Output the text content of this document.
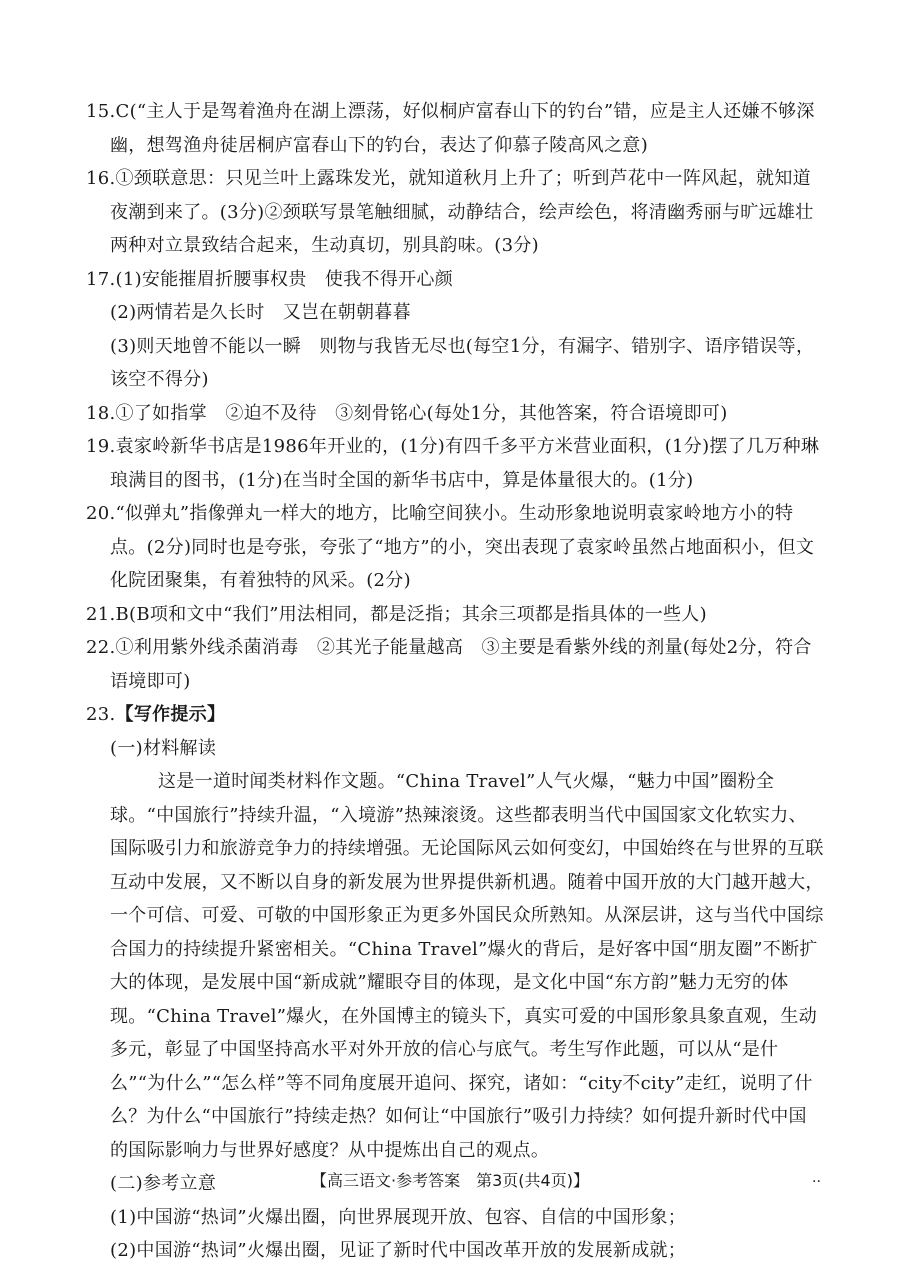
15.C(“主人于是驾着渔舟在湖上漂荡，好似桐庐富春山下的钓台”错，应是主人还嫌不够深幽，想驾渔舟徒居桐庐富春山下的钓台，表达了仰慕子陵高风之意)

16.①颈联意思：只见兰叶上露珠发光，就知道秋月上升了；听到芦花中一阵风起，就知道夜潮到来了。(3分)②颈联写景笔触细腻，动静结合，绘声绘色，将清幽秀丽与旷远雄壮两种对立景致结合起来，生动真切，别具韵味。(3分)

17.(1)安能摧眉折腰事权贵　使我不得开心颜

(2)两情若是久长时　又岂在朝朝暮暮

(3)则天地曾不能以一瞬　则物与我皆无尽也(每空1分，有漏字、错别字、语序错误等，该空不得分)

18.①了如指掌　②迫不及待　③刻骨铭心(每处1分，其他答案，符合语境即可)

19.袁家岭新华书店是1986年开业的，(1分)有四千多平方米营业面积，(1分)摆了几万种琳琅满目的图书，(1分)在当时全国的新华书店中，算是体量很大的。(1分)

20.“似弹丸”指像弹丸一样大的地方，比喻空间狭小。生动形象地说明袁家岭地方小的特点。(2分)同时也是夸张，夸张了“地方”的小，突出表现了袁家岭虽然占地面积小，但文化院团聚集，有着独特的风采。(2分)

21.B(B项和文中“我们”用法相同，都是泛指；其余三项都是指具体的一些人)

22.①利用紫外线杀菌消毒　②其光子能量越高　③主要是看紫外线的剂量(每处2分，符合语境即可)

23.【写作提示】

(一)材料解读

这是一道时闻类材料作文题。“China Travel”人气火爆，“魅力中国”圈粉全球。“中国旅行”持续升温，“入境游”热辣滚烫。这些都表明当代中国国家文化软实力、国际吸引力和旅游竞争力的持续增强。无论国际风云如何变幻，中国始终在与世界的互联互动中发展，又不断以自身的新发展为世界提供新机遇。随着中国开放的大门越开越大，一个可信、可爱、可敬的中国形象正为更多外国民众所熟知。从深层讲，这与当代中国综合国力的持续提升紧密相关。“China Travel”爆火的背后，是好客中国“朋友圈”不断扩大的体现，是发展中国“新成就”耀眼夺目的体现，是文化中国“东方韵”魅力无穷的体现。“China Travel”爆火，在外国博主的镜头下，真实可爱的中国形象具象直观，生动多元，彰显了中国坚持高水平对外开放的信心与底气。考生写作此题，可以从“是什么”“为什么”“怎么样”等不同角度展开追问、探究，诸如：“city不city”走红，说明了什么？为什么“中国旅行”持续走热？如何让“中国旅行”吸引力持续？如何提升新时代中国的国际影响力与世界好感度？从中提炼出自己的观点。

(二)参考立意

(1)中国游“热词”火爆出圈，向世界展现开放、包容、自信的中国形象；

(2)中国游“热词”火爆出圈，见证了新时代中国改革开放的发展新成就；

【高三语文·参考答案　第3页(共4页)】	..
